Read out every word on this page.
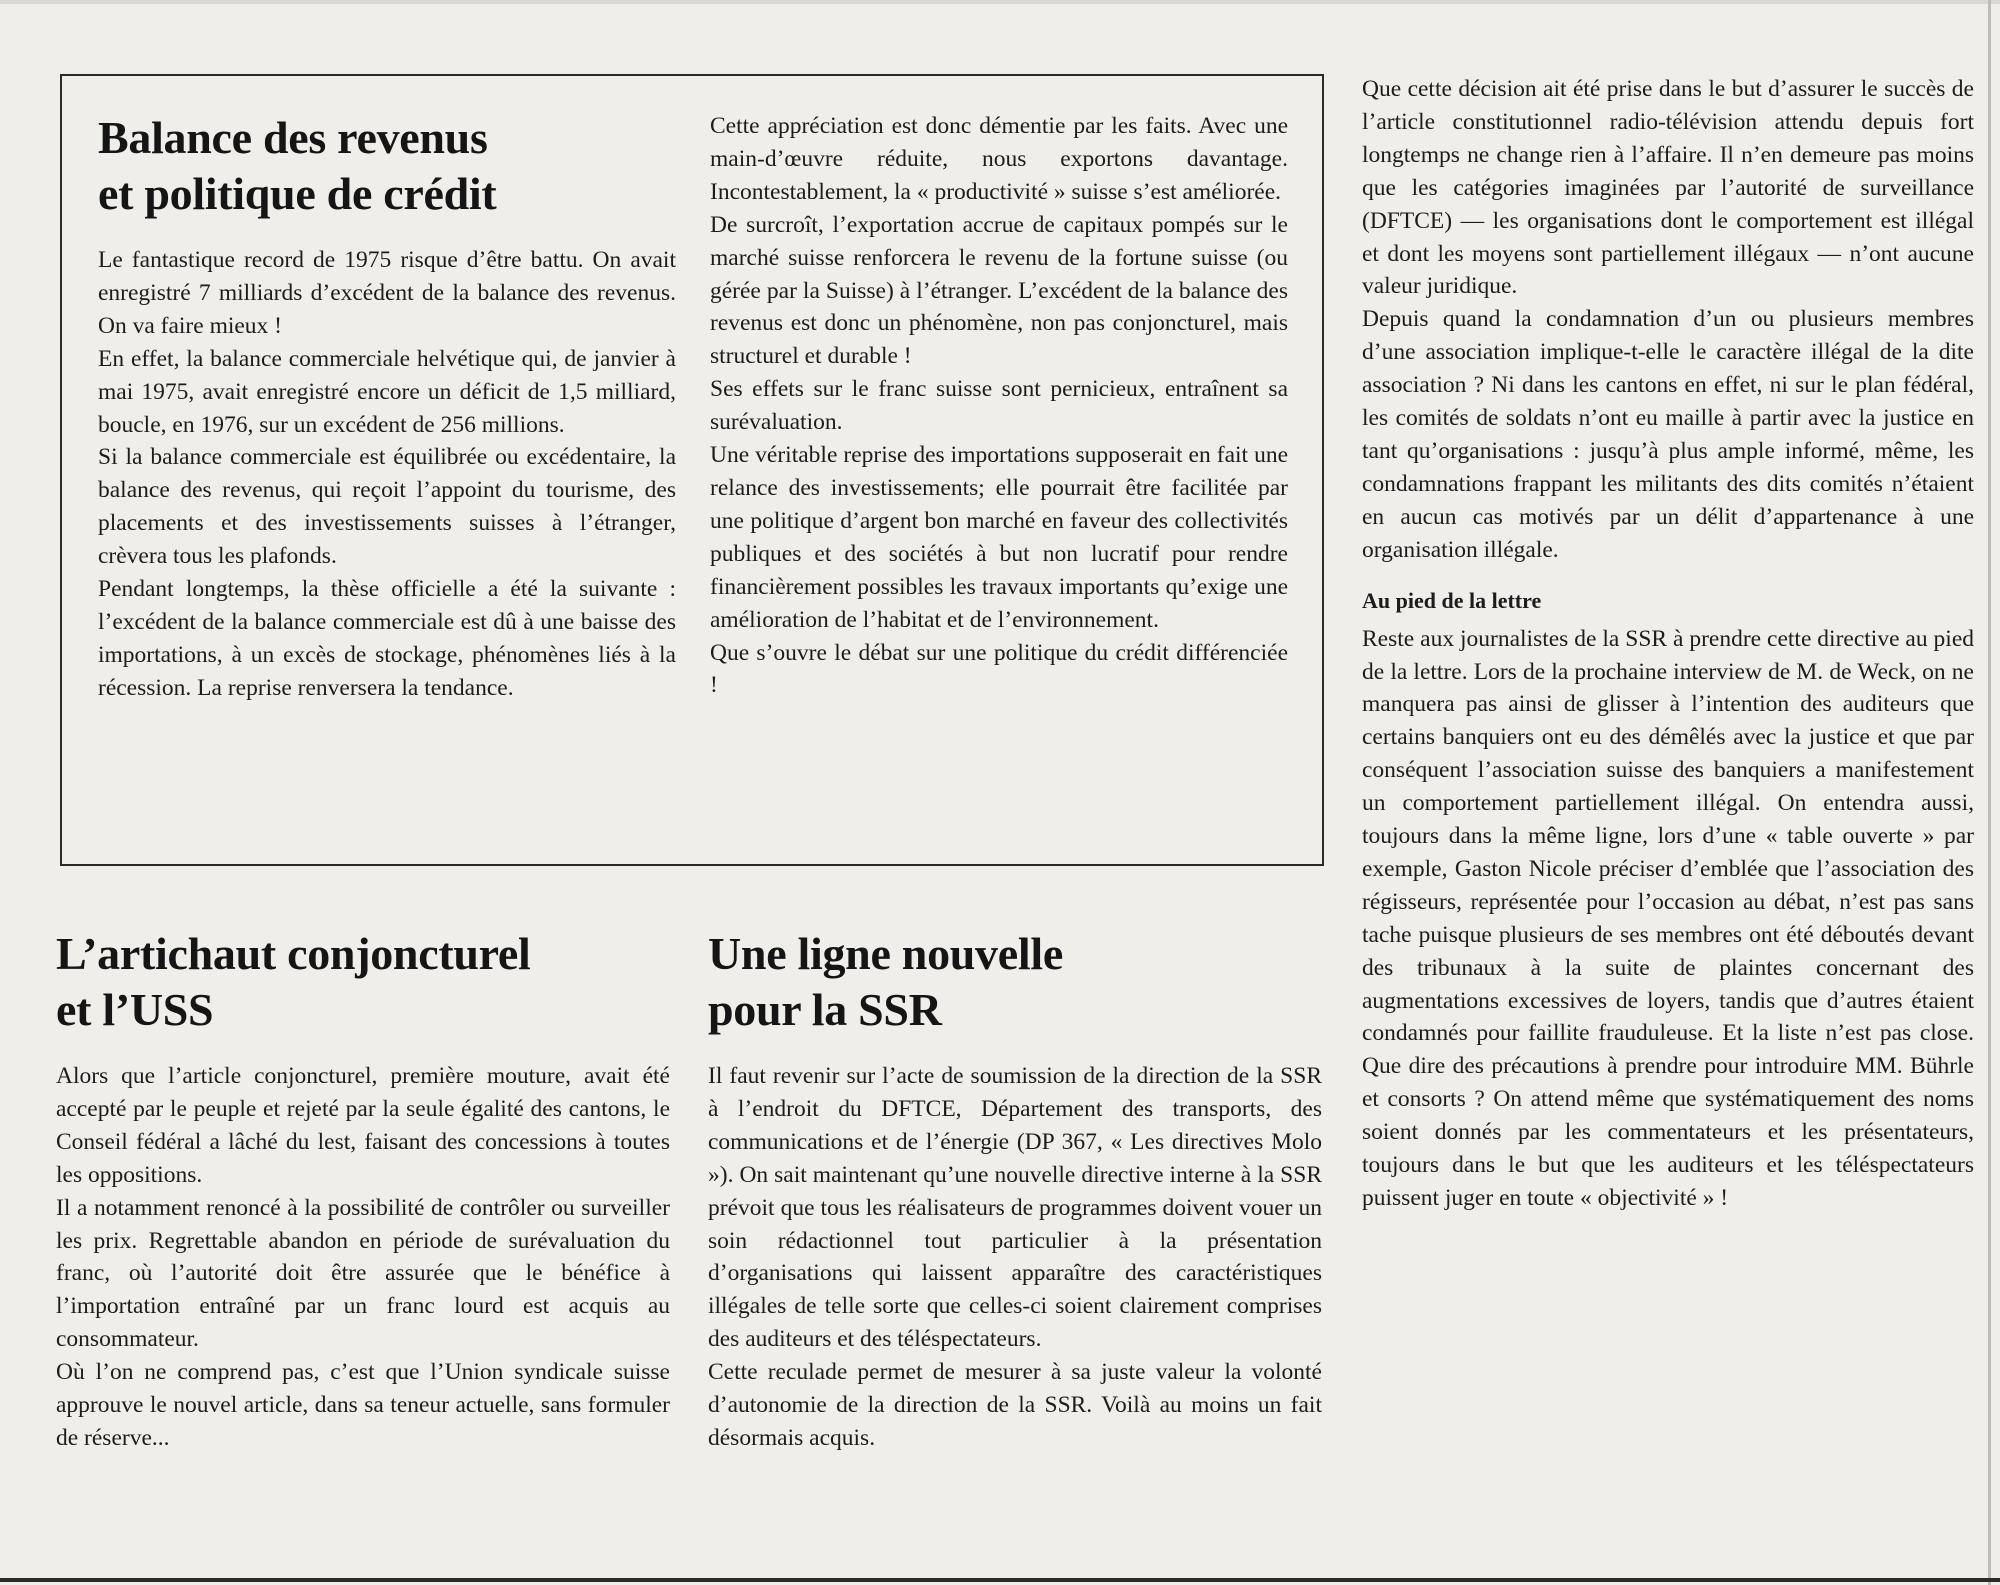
Balance des revenus
et politique de crédit

Le fantastique record de 1975 risque d’être battu. On avait enregistré 7 milliards d’excédent de la balance des revenus. On va faire mieux !

En effet, la balance commerciale helvétique qui, de janvier à mai 1975, avait enregistré encore un déficit de 1,5 milliard, boucle, en 1976, sur un excédent de 256 millions.

Si la balance commerciale est équilibrée ou excédentaire, la balance des revenus, qui reçoit l’appoint du tourisme, des placements et des investissements suisses à l’étranger, crèvera tous les plafonds.

Pendant longtemps, la thèse officielle a été la suivante : l’excédent de la balance commerciale est dû à une baisse des importations, à un excès de stockage, phénomènes liés à la récession. La reprise renversera la tendance.

Cette appréciation est donc démentie par les faits. Avec une main-d’œuvre réduite, nous exportons davantage. Incontestablement, la « productivité » suisse s’est améliorée.

De surcroît, l’exportation accrue de capitaux pompés sur le marché suisse renforcera le revenu de la fortune suisse (ou gérée par la Suisse) à l’étranger. L’excédent de la balance des revenus est donc un phénomène, non pas conjoncturel, mais structurel et durable !

Ses effets sur le franc suisse sont pernicieux, entraînent sa surévaluation.

Une véritable reprise des importations supposerait en fait une relance des investissements; elle pourrait être facilitée par une politique d’argent bon marché en faveur des collectivités publiques et des sociétés à but non lucratif pour rendre financièrement possibles les travaux importants qu’exige une amélioration de l’habitat et de l’environnement.

Que s’ouvre le débat sur une politique du crédit différenciée !

L’artichaut conjoncturel
et l’USS

Alors que l’article conjoncturel, première mouture, avait été accepté par le peuple et rejeté par la seule égalité des cantons, le Conseil fédéral a lâché du lest, faisant des concessions à toutes les oppositions.

Il a notamment renoncé à la possibilité de contrôler ou surveiller les prix. Regrettable abandon en période de surévaluation du franc, où l’autorité doit être assurée que le bénéfice à l’importation entraîné par un franc lourd est acquis au consommateur.

Où l’on ne comprend pas, c’est que l’Union syndicale suisse approuve le nouvel article, dans sa teneur actuelle, sans formuler de réserve...

Une ligne nouvelle
pour la SSR

Il faut revenir sur l’acte de soumission de la direction de la SSR à l’endroit du DFTCE, Département des transports, des communications et de l’énergie (DP 367, « Les directives Molo »). On sait maintenant qu’une nouvelle directive interne à la SSR prévoit que tous les réalisateurs de programmes doivent vouer un soin rédactionnel tout particulier à la présentation d’organisations qui laissent apparaître des caractéristiques illégales de telle sorte que celles-ci soient clairement comprises des auditeurs et des téléspectateurs.

Cette reculade permet de mesurer à sa juste valeur la volonté d’autonomie de la direction de la SSR. Voilà au moins un fait désormais acquis.

Que cette décision ait été prise dans le but d’assurer le succès de l’article constitutionnel radio-télévision attendu depuis fort longtemps ne change rien à l’affaire. Il n’en demeure pas moins que les catégories imaginées par l’autorité de surveillance (DFTCE) — les organisations dont le comportement est illégal et dont les moyens sont partiellement illégaux — n’ont aucune valeur juridique.

Depuis quand la condamnation d’un ou plusieurs membres d’une association implique-t-elle le caractère illégal de la dite association ? Ni dans les cantons en effet, ni sur le plan fédéral, les comités de soldats n’ont eu maille à partir avec la justice en tant qu’organisations : jusqu’à plus ample informé, même, les condamnations frappant les militants des dits comités n’étaient en aucun cas motivés par un délit d’appartenance à une organisation illégale.

Au pied de la lettre

Reste aux journalistes de la SSR à prendre cette directive au pied de la lettre. Lors de la prochaine interview de M. de Weck, on ne manquera pas ainsi de glisser à l’intention des auditeurs que certains banquiers ont eu des démêlés avec la justice et que par conséquent l’association suisse des banquiers a manifestement un comportement partiellement illégal. On entendra aussi, toujours dans la même ligne, lors d’une « table ouverte » par exemple, Gaston Nicole préciser d’emblée que l’association des régisseurs, représentée pour l’occasion au débat, n’est pas sans tache puisque plusieurs de ses membres ont été déboutés devant des tribunaux à la suite de plaintes concernant des augmentations excessives de loyers, tandis que d’autres étaient condamnés pour faillite frauduleuse. Et la liste n’est pas close. Que dire des précautions à prendre pour introduire MM. Bührle et consorts ? On attend même que systématiquement des noms soient donnés par les commentateurs et les présentateurs, toujours dans le but que les auditeurs et les téléspectateurs puissent juger en toute « objectivité » !
